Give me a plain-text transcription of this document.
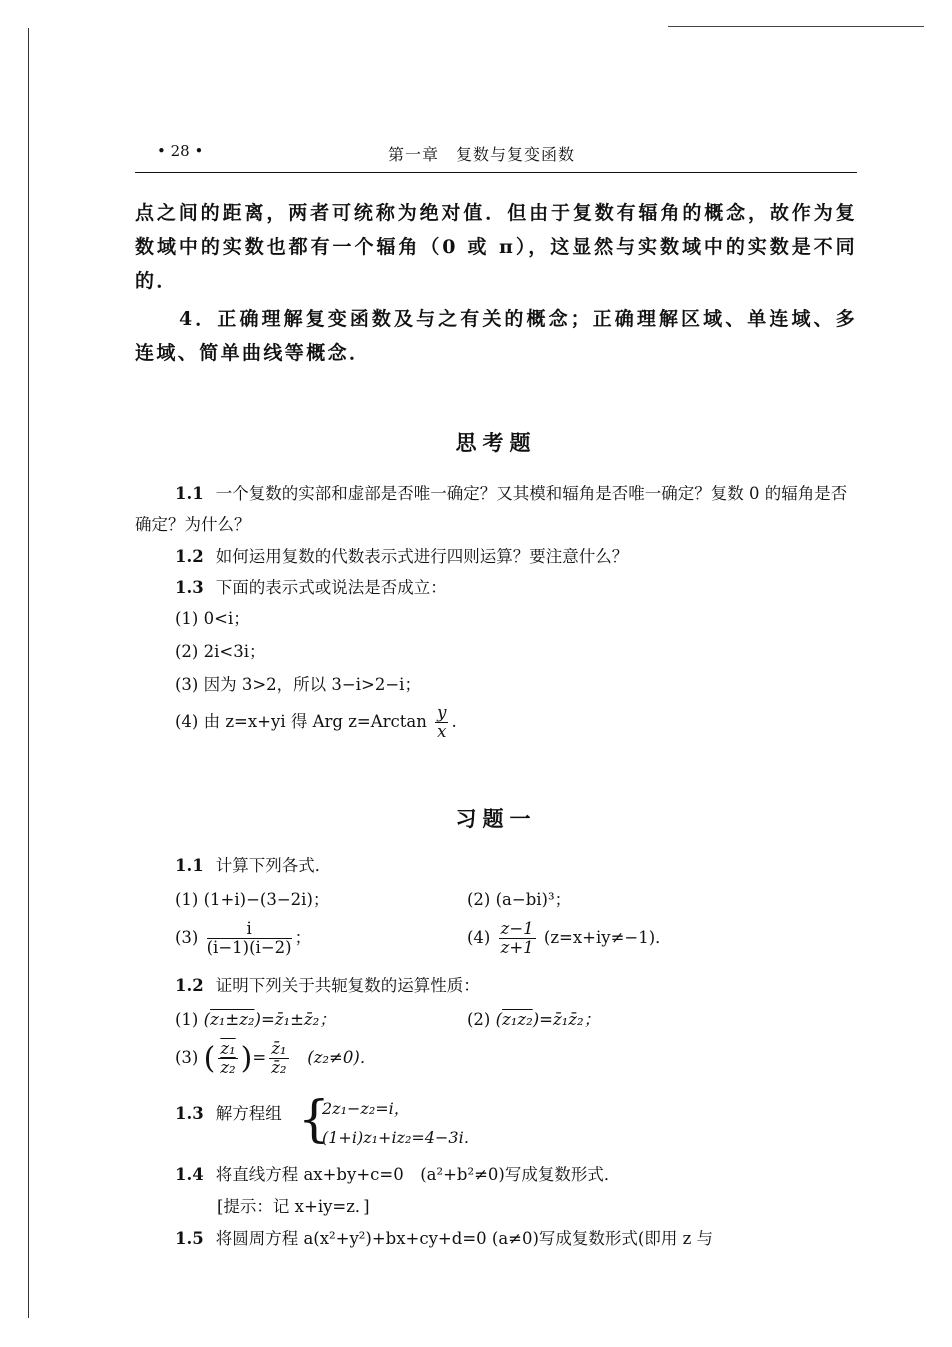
• 28 •	第一章　复数与复变函数
点之间的距离，两者可统称为绝对值．但由于复数有辐角的概念，故作为复数域中的实数也都有一个辐角（0 或 π），这显然与实数域中的实数是不同的．
4．正确理解复变函数及与之有关的概念；正确理解区域、单连域、多连域、简单曲线等概念．
思考题
1.1 一个复数的实部和虚部是否唯一确定？又其模和辐角是否唯一确定？复数 0 的辐角是否确定？为什么？
1.2 如何运用复数的代数表示式进行四则运算？要注意什么？
1.3 下面的表示式或说法是否成立：
(1) 0<i；
(2) 2i<3i；
(3) 因为 3>2，所以 3−i>2−i；
(4) 由 z=x+yi 得 Arg $z=Arctan \frac{y}{x}$ .
习题一
1.1 计算下列各式．
(1) (1+i)−(3−2i)；	(2) (a−bi)³；
$(3) \frac{i}{(i-1)(i-2)}$ ；	$(4) \frac{z-1}{z+1} (z=x+iy\ne-1)$．
1.2 证明下列关于共轭复数的运算性质：
(1) (z₁±z₂)=z̄₁±z̄₂；	(2) (z₁z₂)=z̄₁z̄₂；
(3) ( $\frac{\text{z₁}}{\text{z₂}}$ )= $\frac{\text{z̄₁}}{\text{z̄₂}} (z_2\ne 0)$．
1.3 解方程组 {
2z₁−z₂=i，
(1+i)z₁+iz₂=4−3i．
1.4 将直线方程 ax+by+c=0　(a²+b²≠0)写成复数形式．
[提示：记 x+iy=z．]
1.5 将圆周方程 a(x²+y²)+bx+cy+d=0 (a≠0)写成复数形式(即用 z 与
